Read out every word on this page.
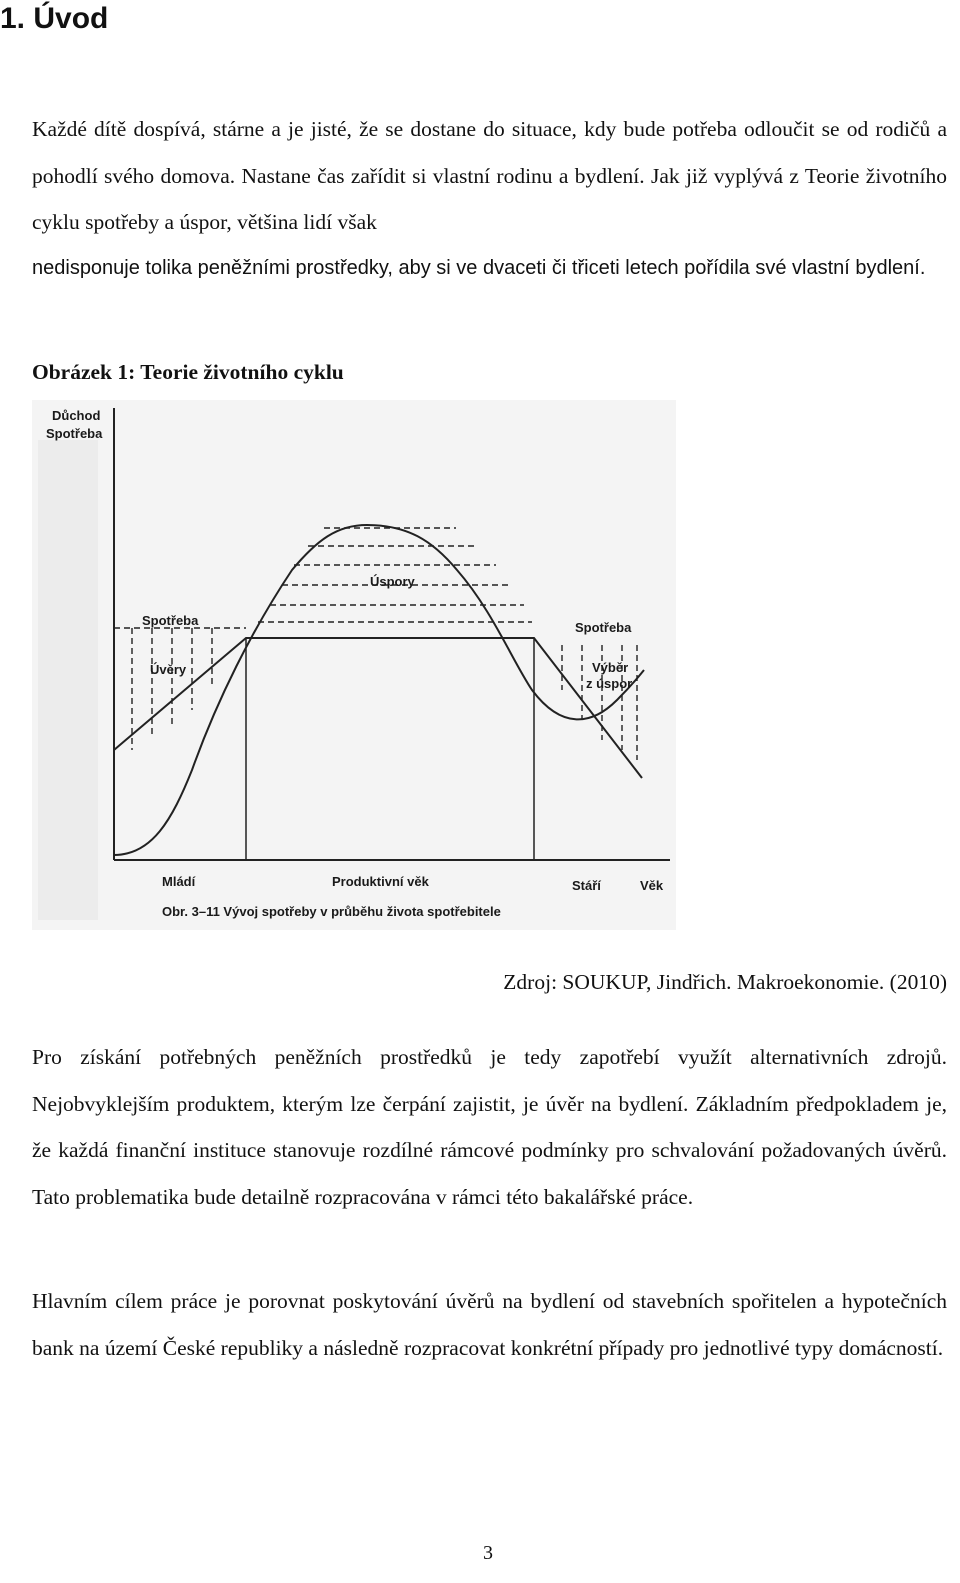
1. Úvod

Každé dítě dospívá, stárne a je jisté, že se dostane do situace, kdy bude potřeba odloučit se od rodičů a pohodlí svého domova. Nastane čas zařídit si vlastní rodinu a bydlení. Jak již vyplývá z Teorie životního cyklu spotřeby a úspor, většina lidí však

nedisponuje tolika peněžními prostředky, aby si ve dvaceti či třiceti letech pořídila své vlastní bydlení.

Obrázek 1: Teorie životního cyklu

Důchod
Spotřeba
Úspory
Spotřeba
Úvěry
Spotřeba
Výběr
z úspor
Mládí	Produktivní věk	Stáří	Věk
Obr. 3–11 Vývoj spotřeby v průběhu života spotřebitele

Zdroj: SOUKUP, Jindřich. Makroekonomie. (2010)

Pro získání potřebných peněžních prostředků je tedy zapotřebí využít alternativních zdrojů. Nejobvyklejším produktem, kterým lze čerpání zajistit, je úvěr na bydlení. Základním předpokladem je, že každá finanční instituce stanovuje rozdílné rámcové podmínky pro schvalování požadovaných úvěrů. Tato problematika bude detailně rozpracována v rámci této bakalářské práce.

Hlavním cílem práce je porovnat poskytování úvěrů na bydlení od stavebních spořitelen a hypotečních bank na území České republiky a následně rozpracovat konkrétní případy pro jednotlivé typy domácností.

3
